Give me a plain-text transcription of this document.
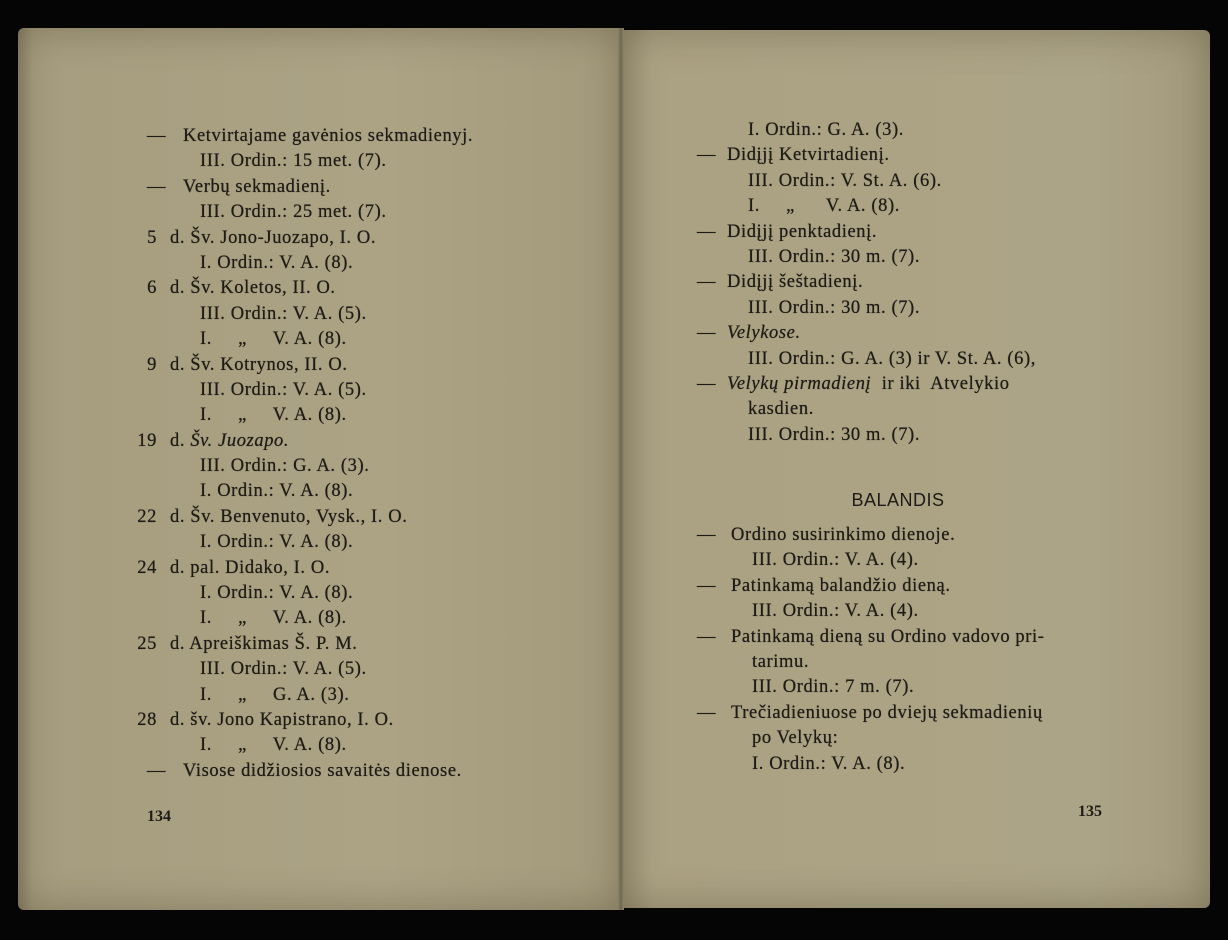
— Ketvirtajame gavėnios sekmadienyj.
III. Ordin.: 15 met. (7).
— Verbų sekmadienį.
III. Ordin.: 25 met. (7).
5 d. Šv. Jono-Juozapo, I. O.
I. Ordin.: V. A. (8).
6 d. Šv. Koletos, II. O.
III. Ordin.: V. A. (5).
I.     „     V. A. (8).
9 d. Šv. Kotrynos, II. O.
III. Ordin.: V. A. (5).
I.     „     V. A. (8).
19 d. Šv. Juozapo.
III. Ordin.: G. A. (3).
I. Ordin.: V. A. (8).
22 d. Šv. Benvenuto, Vysk., I. O.
I. Ordin.: V. A. (8).
24 d. pal. Didako, I. O.
I. Ordin.: V. A. (8).
I.     „     V. A. (8).
25 d. Apreiškimas Š. P. M.
III. Ordin.: V. A. (5).
I.     „     G. A. (3).
28 d. šv. Jono Kapistrano, I. O.
I.     „     V. A. (8).
— Visose didžiosios savaitės dienose.
134
I. Ordin.: G. A. (3).
— Didįjį Ketvirtadienį.
III. Ordin.: V. St. A. (6).
I.     „      V. A. (8).
— Didįjį penktadienį.
III. Ordin.: 30 m. (7).
— Didįjį šeštadienį.
III. Ordin.: 30 m. (7).
— Velykose.
III. Ordin.: G. A. (3) ir V. St. A. (6),
— Velykų pirmadienį  ir iki  Atvelykio
kasdien.
III. Ordin.: 30 m. (7).
BALANDIS
— Ordino susirinkimo dienoje.
III. Ordin.: V. A. (4).
— Patinkamą balandžio dieną.
III. Ordin.: V. A. (4).
— Patinkamą dieną su Ordino vadovo pri-
tarimu.
III. Ordin.: 7 m. (7).
— Trečiadieniuose po dviejų sekmadienių
po Velykų:
I. Ordin.: V. A. (8).
135
